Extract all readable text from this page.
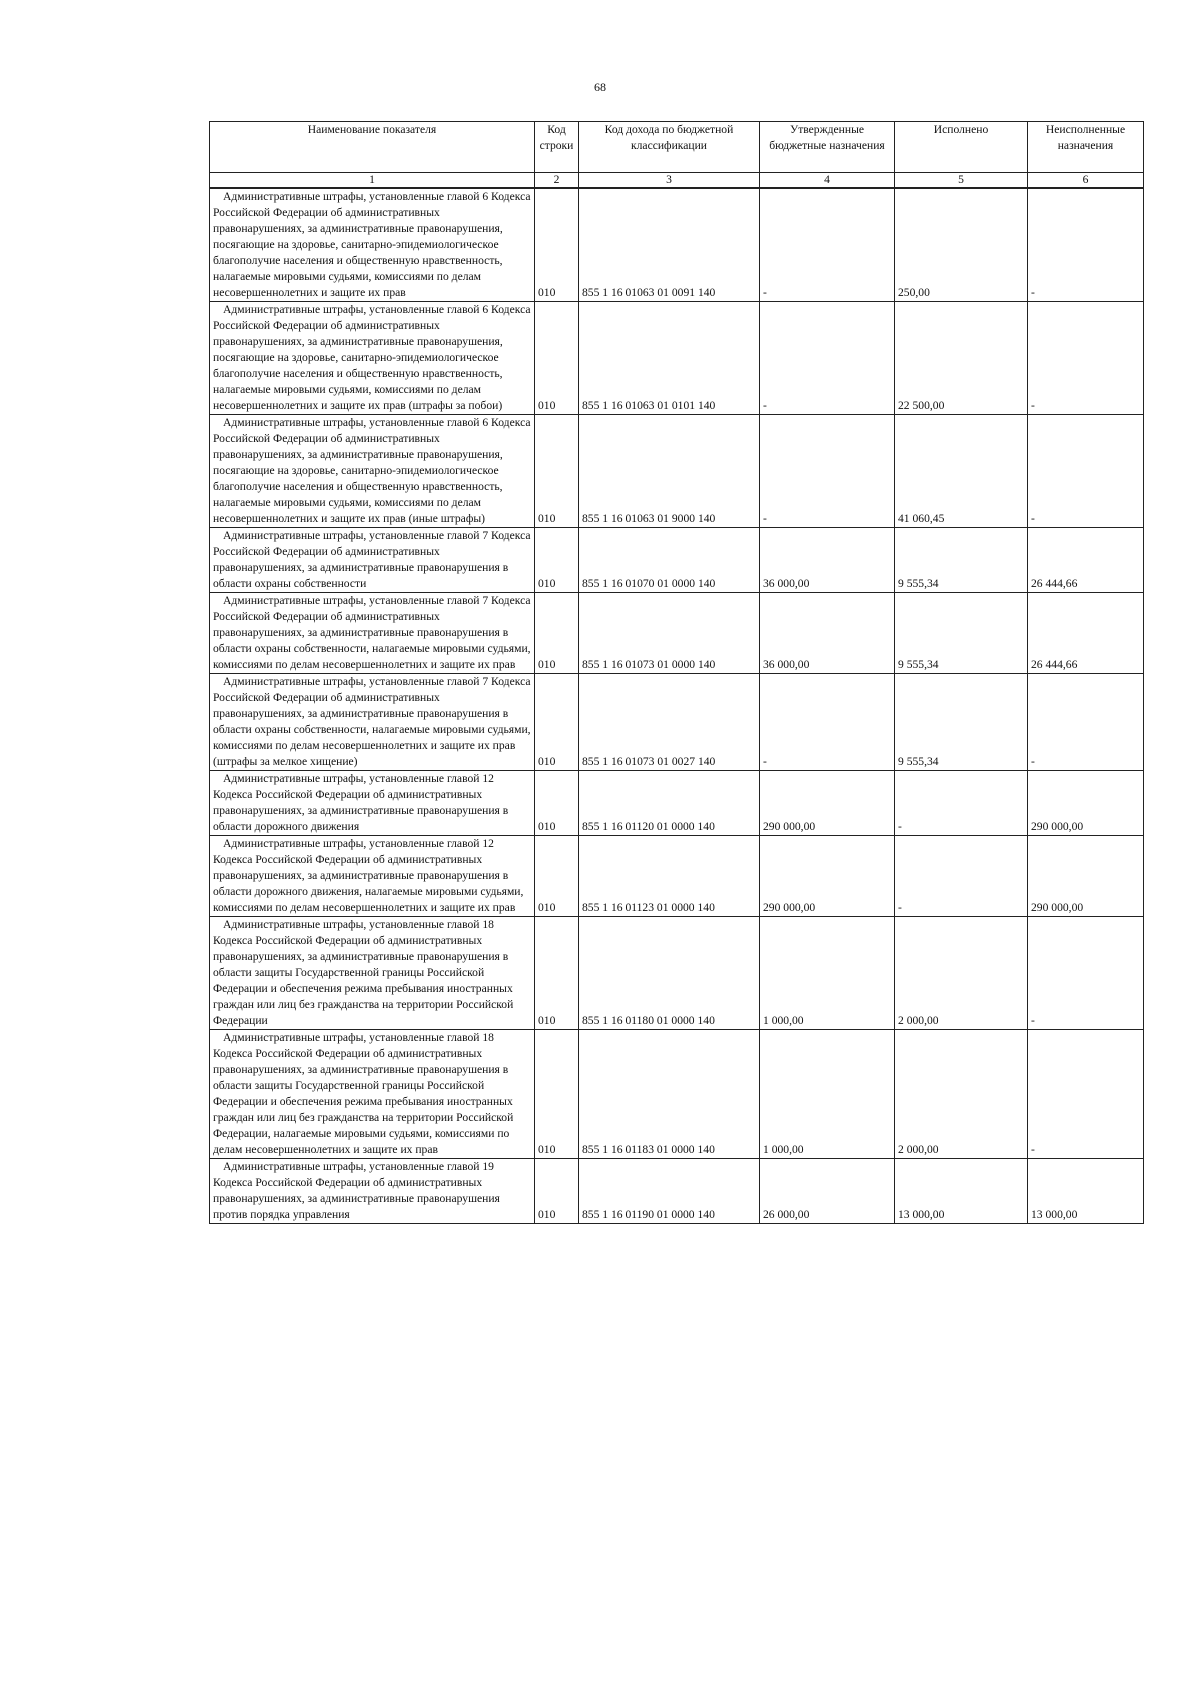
68
Наименование показателя	Код строки	Код дохода по бюджетной классификации	Утвержденные бюджетные назначения	Исполнено	Неисполненные назначения
1	2	3	4	5	6
Административные штрафы, установленные главой 6 Кодекса Российской Федерации об административных правонарушениях, за административные правонарушения, посягающие на здоровье, санитарно-эпидемиологическое благополучие населения и общественную нравственность, налагаемые мировыми судьями, комиссиями по делам несовершеннолетних и защите их прав	010	855 1 16 01063 01 0091 140	-	250,00	-
Административные штрафы, установленные главой 6 Кодекса Российской Федерации об административных правонарушениях, за административные правонарушения, посягающие на здоровье, санитарно-эпидемиологическое благополучие населения и общественную нравственность, налагаемые мировыми судьями, комиссиями по делам несовершеннолетних и защите их прав (штрафы за побои)	010	855 1 16 01063 01 0101 140	-	22 500,00	-
Административные штрафы, установленные главой 6 Кодекса Российской Федерации об административных правонарушениях, за административные правонарушения, посягающие на здоровье, санитарно-эпидемиологическое благополучие населения и общественную нравственность, налагаемые мировыми судьями, комиссиями по делам несовершеннолетних и защите их прав (иные штрафы)	010	855 1 16 01063 01 9000 140	-	41 060,45	-
Административные штрафы, установленные главой 7 Кодекса Российской Федерации об административных правонарушениях, за административные правонарушения в области охраны собственности	010	855 1 16 01070 01 0000 140	36 000,00	9 555,34	26 444,66
Административные штрафы, установленные главой 7 Кодекса Российской Федерации об административных правонарушениях, за административные правонарушения в области охраны собственности, налагаемые мировыми судьями, комиссиями по делам несовершеннолетних и защите их прав	010	855 1 16 01073 01 0000 140	36 000,00	9 555,34	26 444,66
Административные штрафы, установленные главой 7 Кодекса Российской Федерации об административных правонарушениях, за административные правонарушения в области охраны собственности, налагаемые мировыми судьями, комиссиями по делам несовершеннолетних и защите их прав (штрафы за мелкое хищение)	010	855 1 16 01073 01 0027 140	-	9 555,34	-
Административные штрафы, установленные главой 12 Кодекса Российской Федерации об административных правонарушениях, за административные правонарушения в области дорожного движения	010	855 1 16 01120 01 0000 140	290 000,00	-	290 000,00
Административные штрафы, установленные главой 12 Кодекса Российской Федерации об административных правонарушениях, за административные правонарушения в области дорожного движения, налагаемые мировыми судьями, комиссиями по делам несовершеннолетних и защите их прав	010	855 1 16 01123 01 0000 140	290 000,00	-	290 000,00
Административные штрафы, установленные главой 18 Кодекса Российской Федерации об административных правонарушениях, за административные правонарушения в области защиты Государственной границы Российской Федерации и обеспечения режима пребывания иностранных граждан или лиц без гражданства на территории Российской Федерации	010	855 1 16 01180 01 0000 140	1 000,00	2 000,00	-
Административные штрафы, установленные главой 18 Кодекса Российской Федерации об административных правонарушениях, за административные правонарушения в области защиты Государственной границы Российской Федерации и обеспечения режима пребывания иностранных граждан или лиц без гражданства на территории Российской Федерации, налагаемые мировыми судьями, комиссиями по делам несовершеннолетних и защите их прав	010	855 1 16 01183 01 0000 140	1 000,00	2 000,00	-
Административные штрафы, установленные главой 19 Кодекса Российской Федерации об административных правонарушениях, за административные правонарушения против порядка управления	010	855 1 16 01190 01 0000 140	26 000,00	13 000,00	13 000,00
